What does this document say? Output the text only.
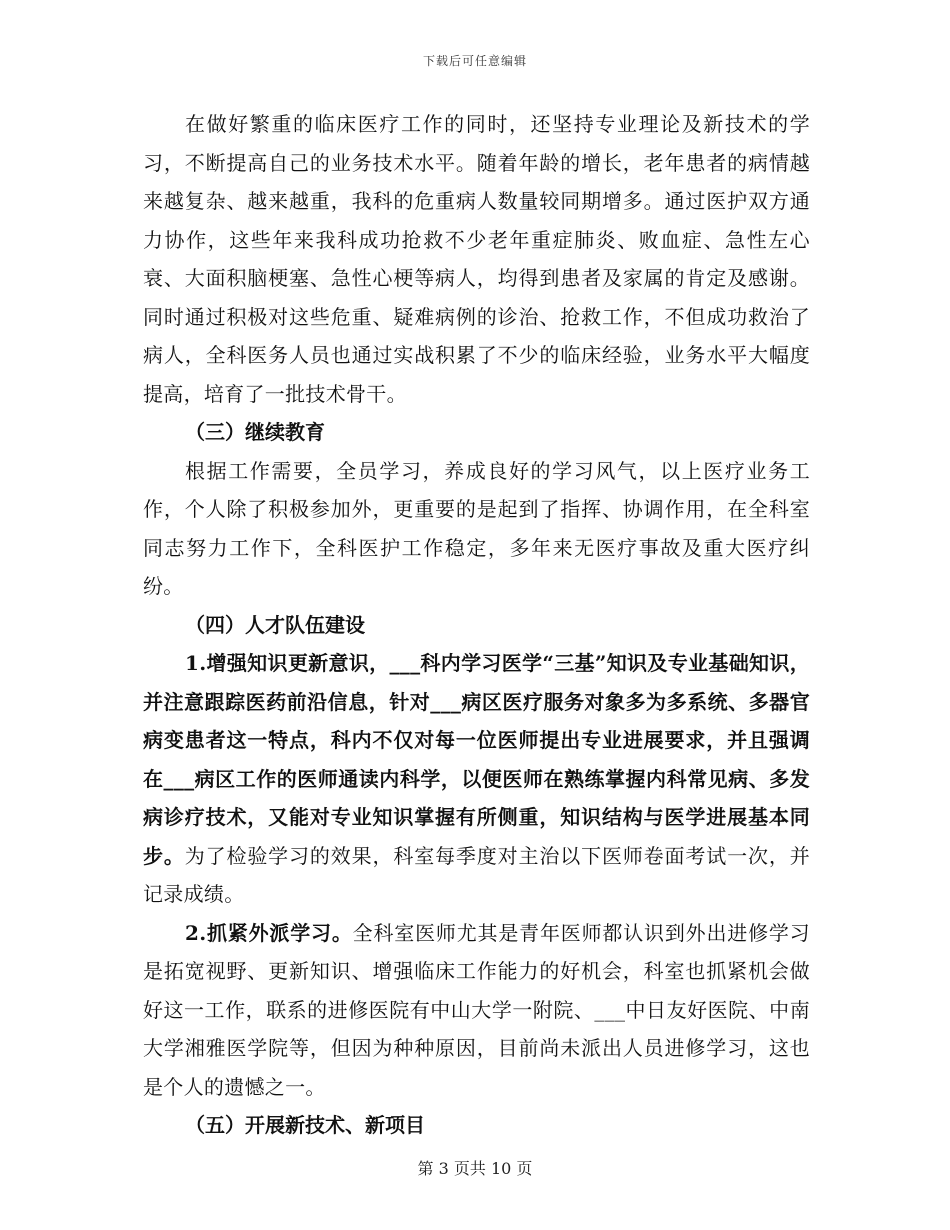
下载后可任意编辑

在做好繁重的临床医疗工作的同时，还坚持专业理论及新技术的学习，不断提高自己的业务技术水平。随着年龄的增长，老年患者的病情越来越复杂、越来越重，我科的危重病人数量较同期增多。通过医护双方通力协作，这些年来我科成功抢救不少老年重症肺炎、败血症、急性左心衰、大面积脑梗塞、急性心梗等病人，均得到患者及家属的肯定及感谢。同时通过积极对这些危重、疑难病例的诊治、抢救工作，不但成功救治了病人，全科医务人员也通过实战积累了不少的临床经验，业务水平大幅度提高，培育了一批技术骨干。

（三）继续教育

根据工作需要，全员学习，养成良好的学习风气，以上医疗业务工作，个人除了积极参加外，更重要的是起到了指挥、协调作用，在全科室同志努力工作下，全科医护工作稳定，多年来无医疗事故及重大医疗纠纷。

（四）人才队伍建设

1.增强知识更新意识，___科内学习医学“三基”知识及专业基础知识，并注意跟踪医药前沿信息，针对___病区医疗服务对象多为多系统、多器官病变患者这一特点，科内不仅对每一位医师提出专业进展要求，并且强调在___病区工作的医师通读内科学，以便医师在熟练掌握内科常见病、多发病诊疗技术，又能对专业知识掌握有所侧重，知识结构与医学进展基本同步。为了检验学习的效果，科室每季度对主治以下医师卷面考试一次，并记录成绩。

2.抓紧外派学习。全科室医师尤其是青年医师都认识到外出进修学习是拓宽视野、更新知识、增强临床工作能力的好机会，科室也抓紧机会做好这一工作，联系的进修医院有中山大学一附院、___中日友好医院、中南大学湘雅医学院等，但因为种种原因，目前尚未派出人员进修学习，这也是个人的遗憾之一。

（五）开展新技术、新项目

第 3 页共 10 页
